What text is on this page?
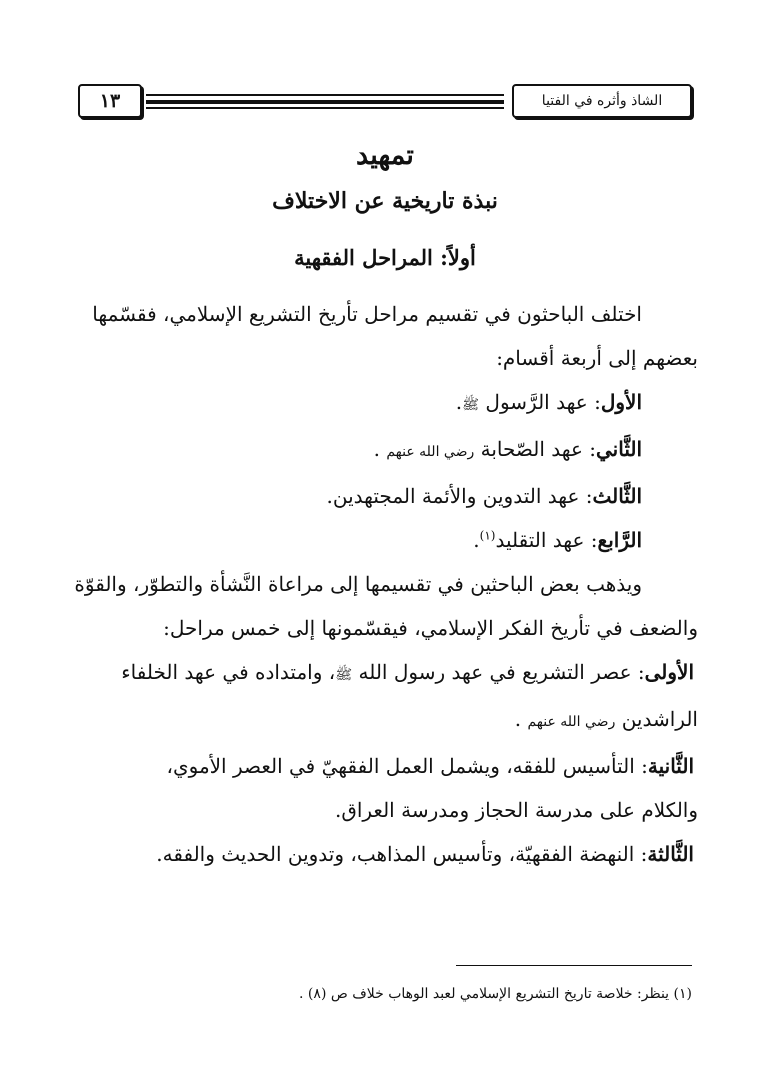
١٣	الشاذ وأثره في الفتيا
تمهيد
نبذة تاريخية عن الاختلاف
أولاً: المراحل الفقهية

اختلف الباحثون في تقسيم مراحل تأريخ التشريع الإسلامي، فقسّمها

بعضهم إلى أربعة أقسام:

الأول: عهد الرَّسول ﷺ.

الثَّاني: عهد الصّحابة رضي الله عنهم .

الثَّالث: عهد التدوين والأئمة المجتهدين.

الرَّابع: عهد التقليد$^{(١)}$.

ويذهب بعض الباحثين في تقسيمها إلى مراعاة النَّشأة والتطوّر، والقوّة

والضعف في تأريخ الفكر الإسلامي، فيقسّمونها إلى خمس مراحل:

الأولى: عصر التشريع في عهد رسول الله ﷺ، وامتداده في عهد الخلفاء

الراشدين رضي الله عنهم .

الثَّانية: التأسيس للفقه، ويشمل العمل الفقهيّ في العصر الأموي،

والكلام على مدرسة الحجاز ومدرسة العراق.

الثَّالثة: النهضة الفقهيّة، وتأسيس المذاهب، وتدوين الحديث والفقه.

(١) ينظر: خلاصة تاريخ التشريع الإسلامي لعبد الوهاب خلاف ص (٨) .
